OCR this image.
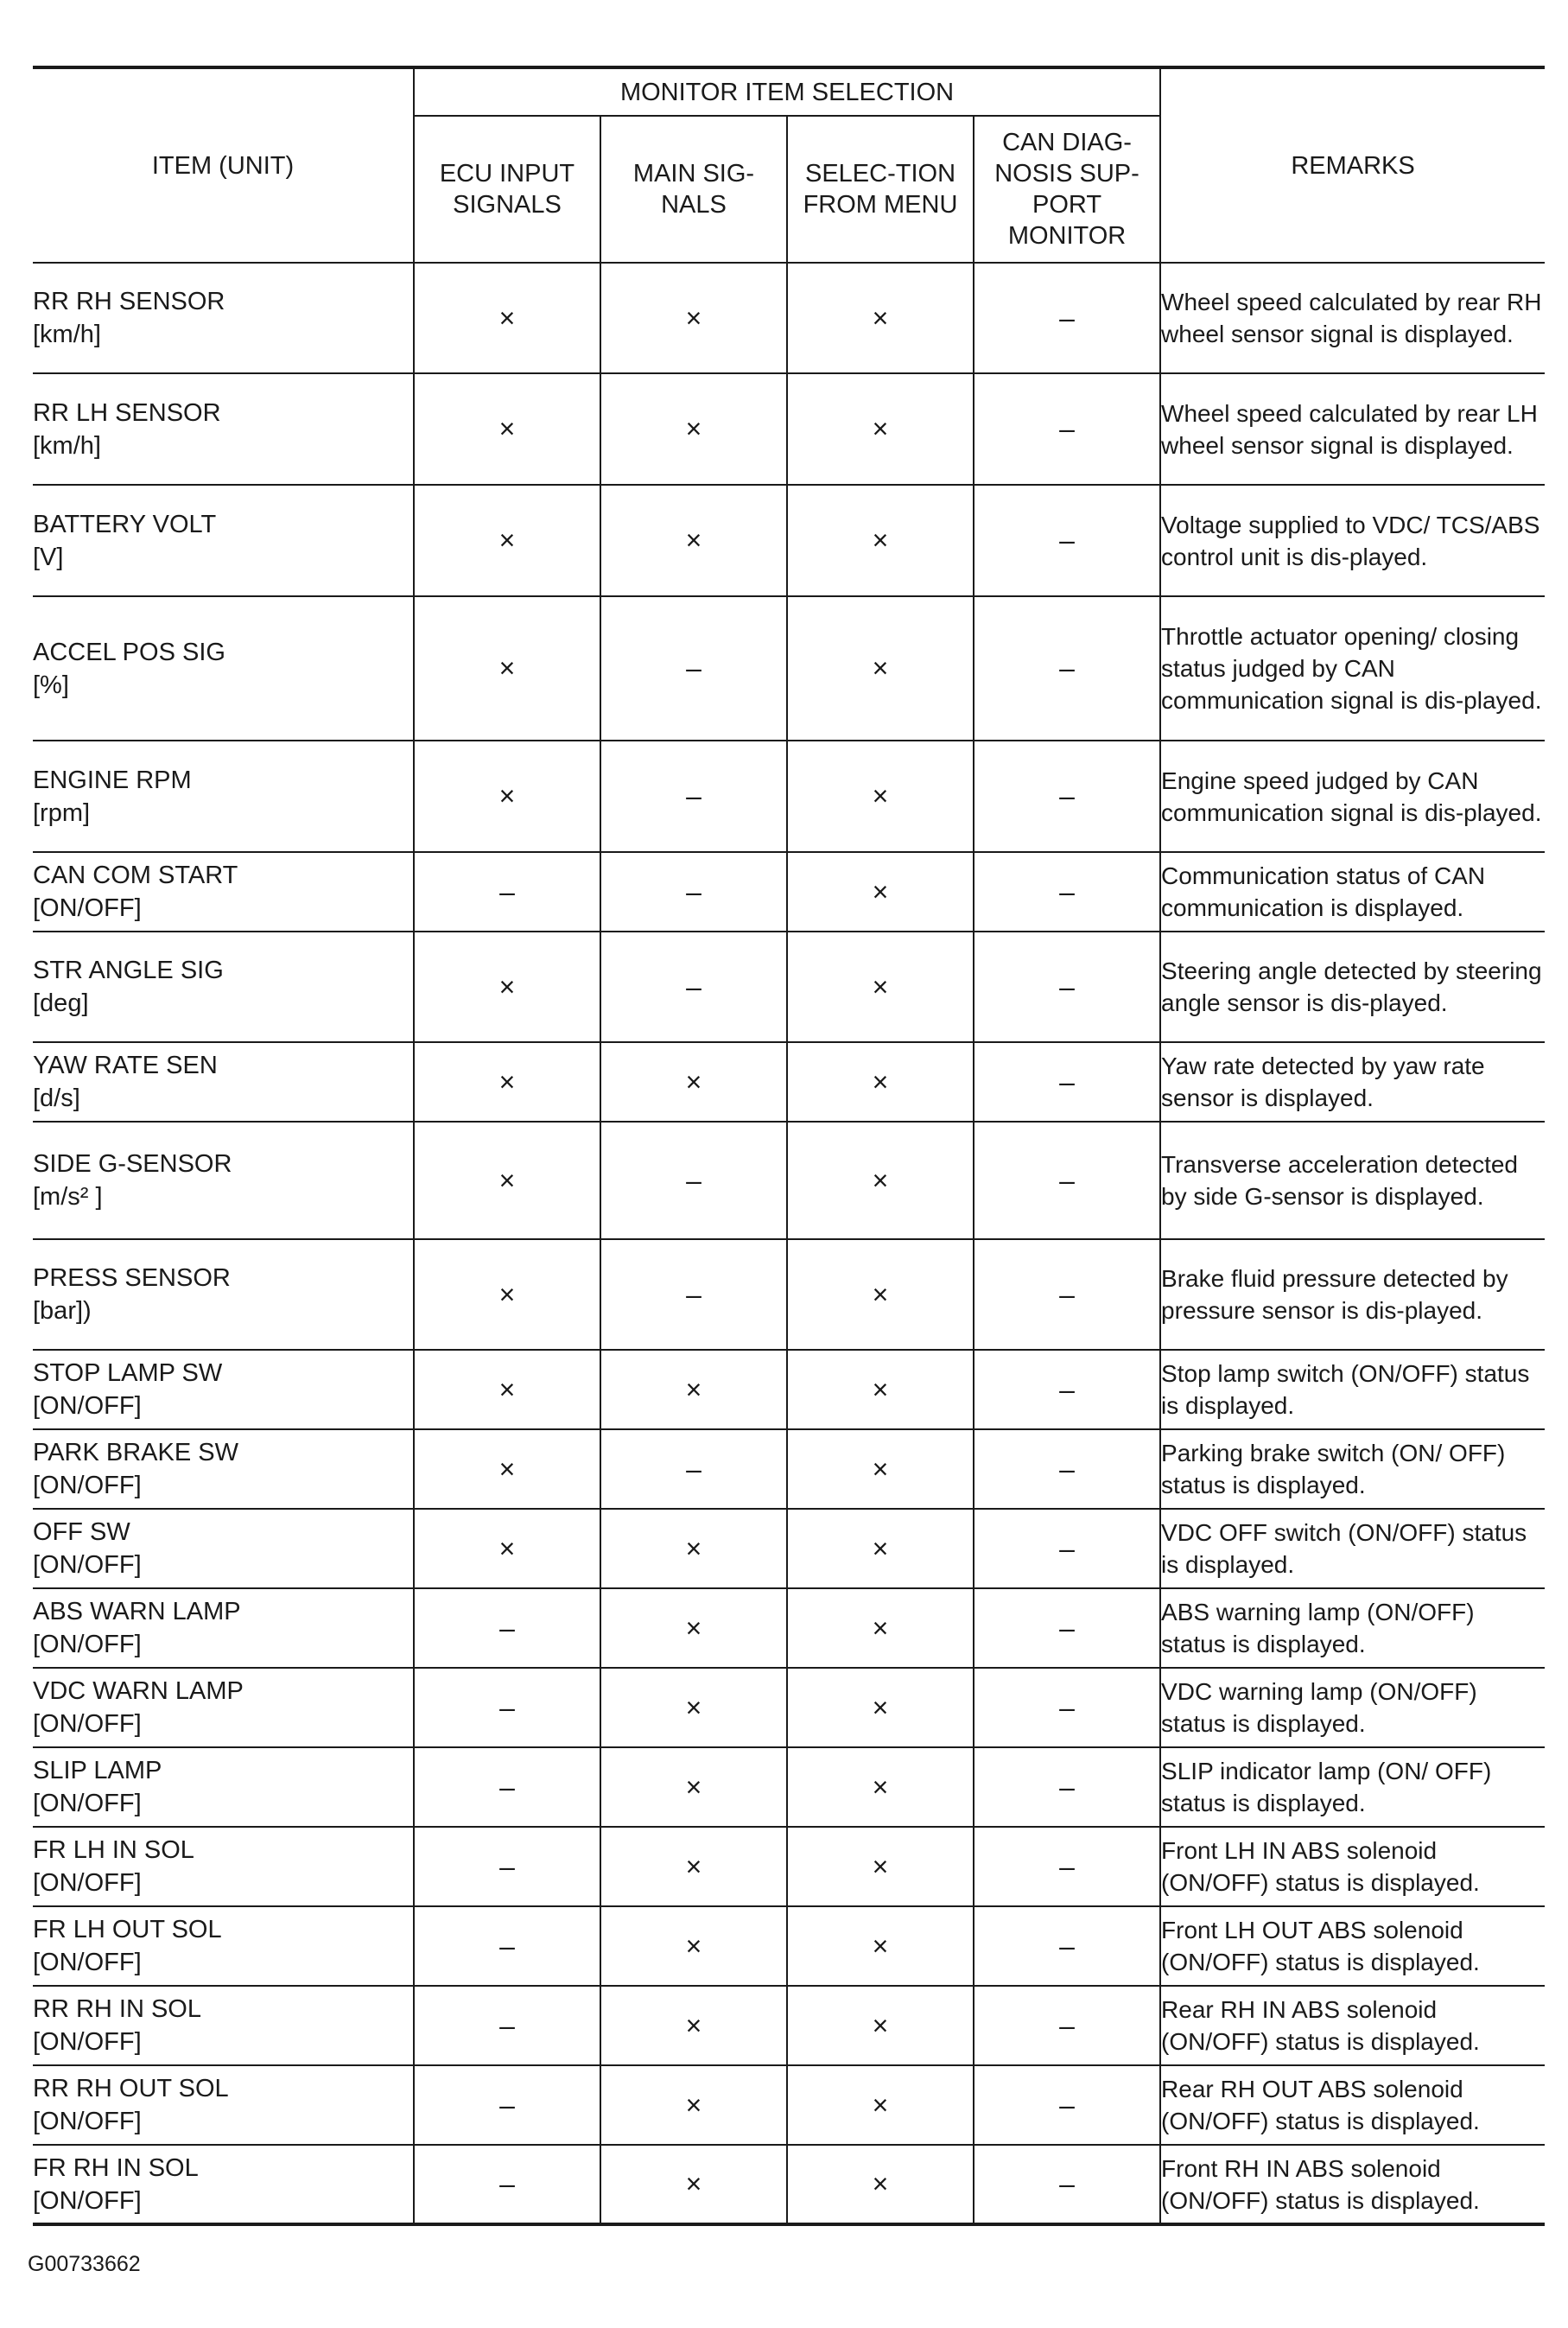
ITEM (UNIT)	MONITOR ITEM SELECTION				REMARKS
	ECU INPUT SIGNALS	MAIN SIG-NALS	SELEC-TION FROM MENU	CAN DIAG-NOSIS SUP-PORT MONITOR	
RR RH SENSOR
[km/h]	×	×	×	–	Wheel speed calculated by rear RH wheel sensor signal is displayed.
RR LH SENSOR
[km/h]	×	×	×	–	Wheel speed calculated by rear LH wheel sensor signal is displayed.
BATTERY VOLT
[V]	×	×	×	–	Voltage supplied to VDC/ TCS/ABS control unit is dis-played.
ACCEL POS SIG
[%]	×	–	×	–	Throttle actuator opening/ closing status judged by CAN communication signal is dis-played.
ENGINE RPM
[rpm]	×	–	×	–	Engine speed judged by CAN communication signal is dis-played.
CAN COM START
[ON/OFF]	–	–	×	–	Communication status of CAN communication is displayed.
STR ANGLE SIG
[deg]	×	–	×	–	Steering angle detected by steering angle sensor is dis-played.
YAW RATE SEN
[d/s]	×	×	×	–	Yaw rate detected by yaw rate sensor is displayed.
SIDE G-SENSOR
[m/s² ]	×	–	×	–	Transverse acceleration detected by side G-sensor is displayed.
PRESS SENSOR
[bar])	×	–	×	–	Brake fluid pressure detected by pressure sensor is dis-played.
STOP LAMP SW
[ON/OFF]	×	×	×	–	Stop lamp switch (ON/OFF) status is displayed.
PARK BRAKE SW
[ON/OFF]	×	–	×	–	Parking brake switch (ON/ OFF) status is displayed.
OFF SW
[ON/OFF]	×	×	×	–	VDC OFF switch (ON/OFF) status is displayed.
ABS WARN LAMP
[ON/OFF]	–	×	×	–	ABS warning lamp (ON/OFF) status is displayed.
VDC WARN LAMP
[ON/OFF]	–	×	×	–	VDC warning lamp (ON/OFF) status is displayed.
SLIP LAMP
[ON/OFF]	–	×	×	–	SLIP indicator lamp (ON/ OFF) status is displayed.
FR LH IN SOL
[ON/OFF]	–	×	×	–	Front LH IN ABS solenoid (ON/OFF) status is displayed.
FR LH OUT SOL
[ON/OFF]	–	×	×	–	Front LH OUT ABS solenoid (ON/OFF) status is displayed.
RR RH IN SOL
[ON/OFF]	–	×	×	–	Rear RH IN ABS solenoid (ON/OFF) status is displayed.
RR RH OUT SOL
[ON/OFF]	–	×	×	–	Rear RH OUT ABS solenoid (ON/OFF) status is displayed.
FR RH IN SOL
[ON/OFF]	–	×	×	–	Front RH IN ABS solenoid (ON/OFF) status is displayed.
G00733662
